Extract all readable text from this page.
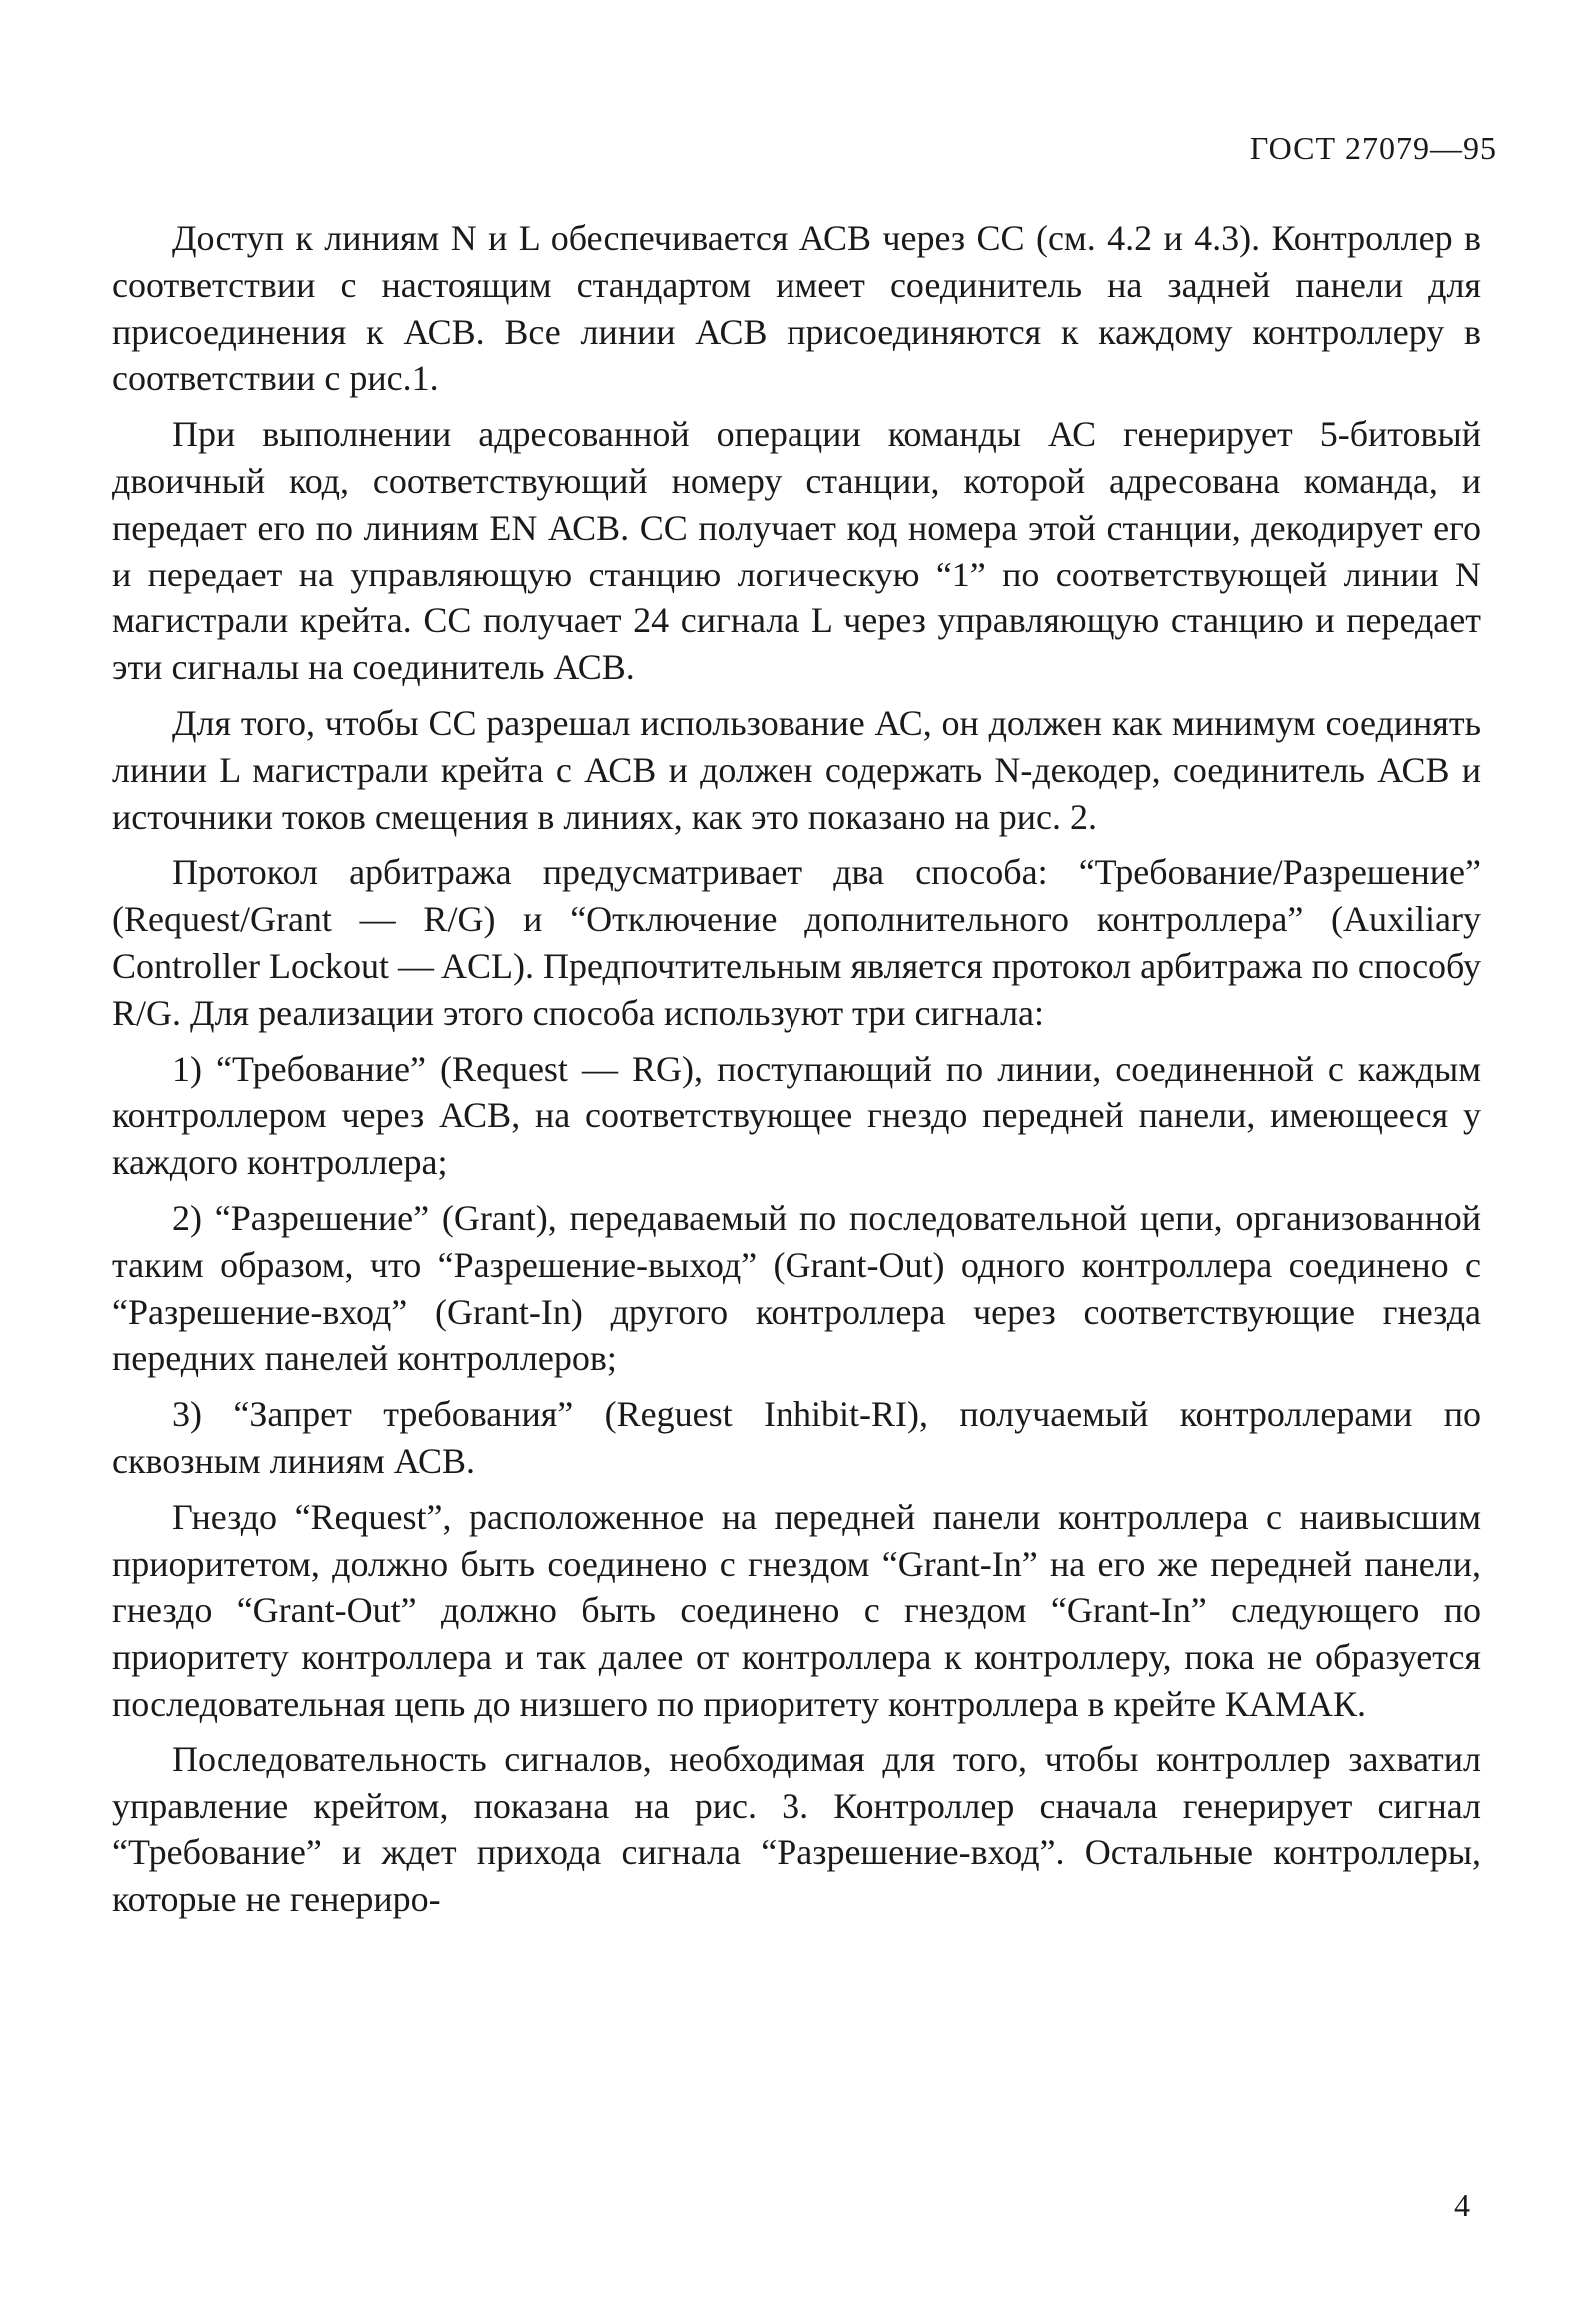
ГОСТ 27079—95

Доступ к линиям N и L обеспечивается АСВ через СС (см. 4.2 и 4.3). Контроллер в соответствии с настоящим стандартом имеет соединитель на задней панели для присоединения к АСВ. Все линии АСВ присоединяются к каждому контроллеру в соответствии с рис.1.

При выполнении адресованной операции команды АС генерирует 5-битовый двоичный код, соответствующий номеру станции, которой адресована команда, и передает его по линиям EN АСВ. СС получает код номера этой станции, декодирует его и передает на управляющую станцию логическую “1” по соответствующей линии N магистрали крейта. СС получает 24 сигнала L через управляющую станцию и передает эти сигналы на соединитель АСВ.

Для того, чтобы СС разрешал использование АС, он должен как минимум соединять линии L магистрали крейта с АСВ и должен содержать N-декодер, соединитель АСВ и источники токов смещения в линиях, как это показано на рис. 2.

Протокол арбитража предусматривает два способа: “Требование/Разрешение” (Request/Grant — R/G) и “Отключение дополнительного контроллера” (Auxiliary Controller Lockout — ACL). Предпочтительным является протокол арбитража по способу R/G. Для реализации этого способа используют три сигнала:

1) “Требование” (Request — RG), поступающий по линии, соединенной с каждым контроллером через АСВ, на соответствующее гнездо передней панели, имеющееся у каждого контроллера;

2) “Разрешение” (Grant), передаваемый по последовательной цепи, организованной таким образом, что “Разрешение-выход” (Grant-Out) одного контроллера соединено с “Разрешение-вход” (Grant-In) другого контроллера через соответствующие гнезда передних панелей контроллеров;

3) “Запрет требования” (Reguest Inhibit-RI), получаемый контроллерами по сквозным линиям АСВ.

Гнездо “Request”, расположенное на передней панели контроллера с наивысшим приоритетом, должно быть соединено с гнездом “Grant-In” на его же передней панели, гнездо “Grant-Out” должно быть соединено с гнездом “Grant-In” следующего по приоритету контроллера и так далее от контроллера к контроллеру, пока не образуется последовательная цепь до низшего по приоритету контроллера в крейте КАМАК.

Последовательность сигналов, необходимая для того, чтобы контроллер захватил управление крейтом, показана на рис. 3. Контроллер сначала генерирует сигнал “Требование” и ждет прихода сигнала “Разрешение-вход”. Остальные контроллеры, которые не генериро-

4
